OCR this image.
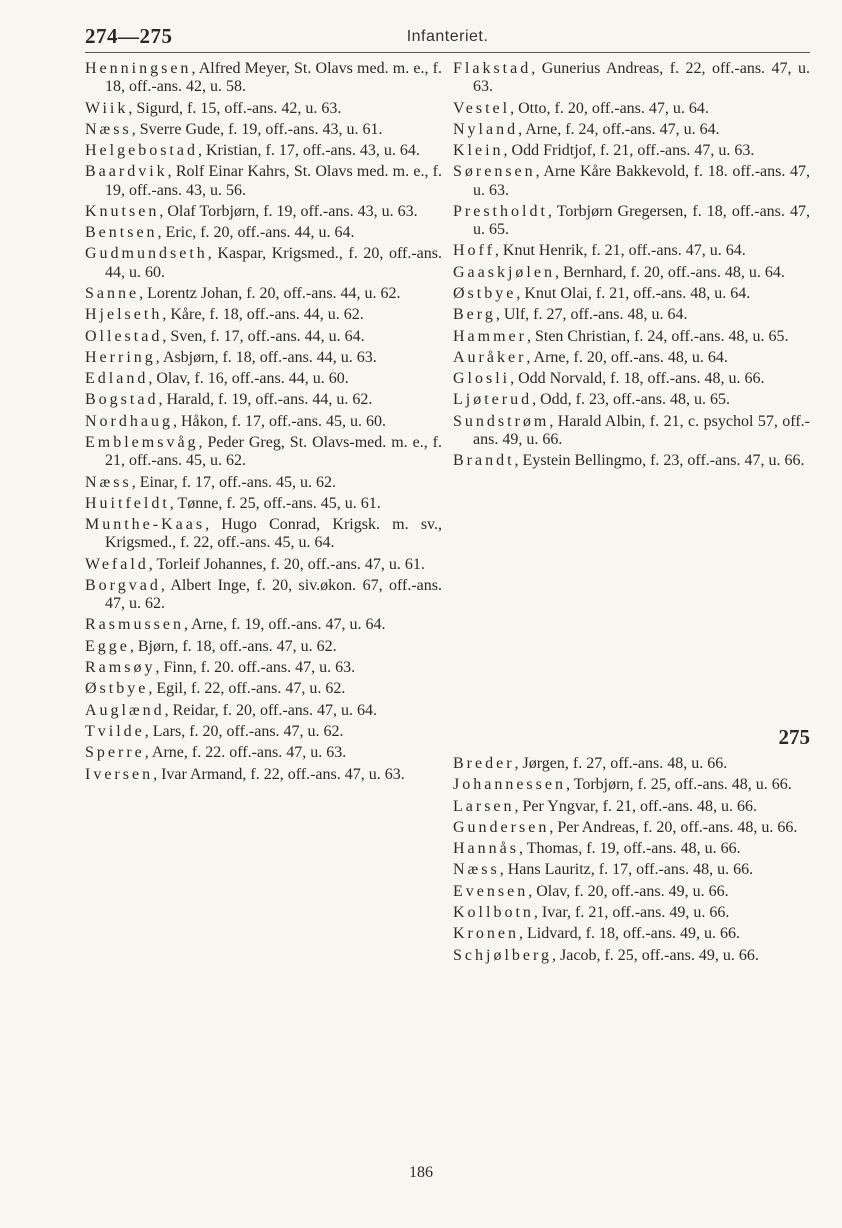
274—275	Infanteriet.
Henningsen, Alfred Meyer, St. Olavs med. m. e., f. 18, off.-ans. 42, u. 58.
Wiik, Sigurd, f. 15, off.-ans. 42, u. 63.
Næss, Sverre Gude, f. 19, off.-ans. 43, u. 61.
Helgebostad, Kristian, f. 17, off.-ans. 43, u. 64.
Baardvik, Rolf Einar Kahrs, St. Olavs med. m. e., f. 19, off.-ans. 43, u. 56.
Knutsen, Olaf Torbjørn, f. 19, off.-ans. 43, u. 63.
Bentsen, Eric, f. 20, off.-ans. 44, u. 64.
Gudmundseth, Kaspar, Krigsmed., f. 20, off.-ans. 44, u. 60.
Sanne, Lorentz Johan, f. 20, off.-ans. 44, u. 62.
Hjelseth, Kåre, f. 18, off.-ans. 44, u. 62.
Ollestad, Sven, f. 17, off.-ans. 44, u. 64.
Herring, Asbjørn, f. 18, off.-ans. 44, u. 63.
Edland, Olav, f. 16, off.-ans. 44, u. 60.
Bogstad, Harald, f. 19, off.-ans. 44, u. 62.
Nordhaug, Håkon, f. 17, off.-ans. 45, u. 60.
Emblemsvåg, Peder Greg, St. Olavs-med. m. e., f. 21, off.-ans. 45, u. 62.
Næss, Einar, f. 17, off.-ans. 45, u. 62.
Huitfeldt, Tønne, f. 25, off.-ans. 45, u. 61.
Munthe-Kaas, Hugo Conrad, Krigsk. m. sv., Krigsmed., f. 22, off.-ans. 45, u. 64.
Wefald, Torleif Johannes, f. 20, off.-ans. 47, u. 61.
Borgvad, Albert Inge, f. 20, siv.økon. 67, off.-ans. 47, u. 62.
Rasmussen, Arne, f. 19, off.-ans. 47, u. 64.
Egge, Bjørn, f. 18, off.-ans. 47, u. 62.
Ramsøy, Finn, f. 20. off.-ans. 47, u. 63.
Østbye, Egil, f. 22, off.-ans. 47, u. 62.
Auglænd, Reidar, f. 20, off.-ans. 47, u. 64.
Tvilde, Lars, f. 20, off.-ans. 47, u. 62.
Sperre, Arne, f. 22. off.-ans. 47, u. 63.
Iversen, Ivar Armand, f. 22, off.-ans. 47, u. 63.
Flakstad, Gunerius Andreas, f. 22, off.-ans. 47, u. 63.
Vestel, Otto, f. 20, off.-ans. 47, u. 64.
Nyland, Arne, f. 24, off.-ans. 47, u. 64.
Klein, Odd Fridtjof, f. 21, off.-ans. 47, u. 63.
Sørensen, Arne Kåre Bakkevold, f. 18. off.-ans. 47, u. 63.
Prestholdt, Torbjørn Gregersen, f. 18, off.-ans. 47, u. 65.
Hoff, Knut Henrik, f. 21, off.-ans. 47, u. 64.
Gaaskjølen, Bernhard, f. 20, off.-ans. 48, u. 64.
Østbye, Knut Olai, f. 21, off.-ans. 48, u. 64.
Berg, Ulf, f. 27, off.-ans. 48, u. 64.
Hammer, Sten Christian, f. 24, off.-ans. 48, u. 65.
Auråker, Arne, f. 20, off.-ans. 48, u. 64.
Glosli, Odd Norvald, f. 18, off.-ans. 48, u. 66.
Ljøterud, Odd, f. 23, off.-ans. 48, u. 65.
Sundstrøm, Harald Albin, f. 21, c. psychol 57, off.-ans. 49, u. 66.
Brandt, Eystein Bellingmo, f. 23, off.-ans. 47, u. 66.
275
Breder, Jørgen, f. 27, off.-ans. 48, u. 66.
Johannessen, Torbjørn, f. 25, off.-ans. 48, u. 66.
Larsen, Per Yngvar, f. 21, off.-ans. 48, u. 66.
Gundersen, Per Andreas, f. 20, off.-ans. 48, u. 66.
Hannås, Thomas, f. 19, off.-ans. 48, u. 66.
Næss, Hans Lauritz, f. 17, off.-ans. 48, u. 66.
Evensen, Olav, f. 20, off.-ans. 49, u. 66.
Kollbotn, Ivar, f. 21, off.-ans. 49, u. 66.
Kronen, Lidvard, f. 18, off.-ans. 49, u. 66.
Schjølberg, Jacob, f. 25, off.-ans. 49, u. 66.
186
